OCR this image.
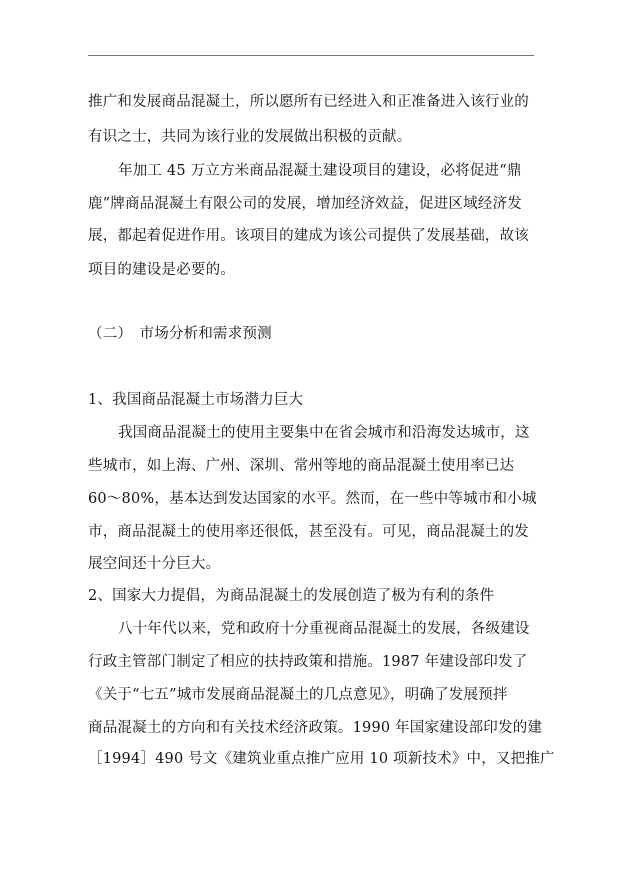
推广和发展商品混凝土，所以愿所有已经进入和正准备进入该行业的
有识之士，共同为该行业的发展做出积极的贡献。
年加工 45 万立方米商品混凝土建设项目的建设，必将促进“鼎
鹿”牌商品混凝土有限公司的发展，增加经济效益，促进区域经济发
展，都起着促进作用。该项目的建成为该公司提供了发展基础，故该
项目的建设是必要的。
（二）　市场分析和需求预测
1、我国商品混凝土市场潜力巨大
我国商品混凝土的使用主要集中在省会城市和沿海发达城市，这
些城市，如上海、广州、深圳、常州等地的商品混凝土使用率已达
60～80%，基本达到发达国家的水平。然而，在一些中等城市和小城
市，商品混凝土的使用率还很低，甚至没有。可见，商品混凝土的发
展空间还十分巨大。
2、国家大力提倡，为商品混凝土的发展创造了极为有利的条件
八十年代以来，党和政府十分重视商品混凝土的发展，各级建设
行政主管部门制定了相应的扶持政策和措施。1987 年建设部印发了
《关于“七五”城市发展商品混凝土的几点意见》，明确了发展预拌
商品混凝土的方向和有关技术经济政策。1990 年国家建设部印发的建
［1994］490 号文《建筑业重点推广应用 10 项新技术》中，又把推广
